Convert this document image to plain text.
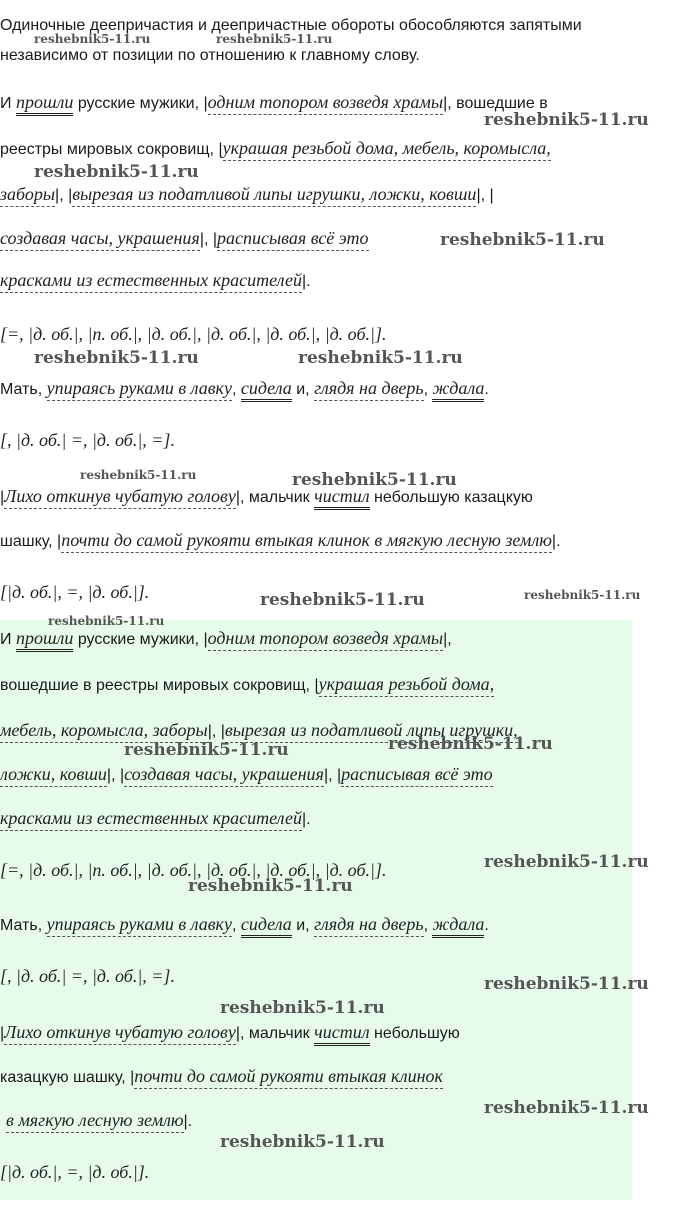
Одиночные деепричастия и деепричастные обороты обособляются запятыми
независимо от позиции по отношению к главному слову.
И прошли русские мужики, |одним топором возведя храмы|, вошедшие в
реестры мировых сокровищ, |украшая резьбой дома, мебель, коромысла,
заборы|, |вырезая из податливой липы игрушки, ложки, ковши|, |
создавая часы, украшения|, |расписывая всё это
красками из естественных красителей|.
[=, |д. об.|, |п. об.|, |д. об.|, |д. об.|, |д. об.|, |д. об.|].
Мать, упираясь руками в лавку, сидела и, глядя на дверь, ждала.
[, |д. об.| =, |д. об.|, =].
|Лихо откинув чубатую голову|, мальчик чистил небольшую казацкую
шашку, |почти до самой рукояти втыкая клинок в мягкую лесную землю|.
[|д. об.|, =, |д. об.|].
И прошли русские мужики, |одним топором возведя храмы|,
вошедшие в реестры мировых сокровищ, |украшая резьбой дома,
мебель, коромысла, заборы|, |вырезая из податливой липы игрушки,
ложки, ковши|, |создавая часы, украшения|, |расписывая всё это
красками из естественных красителей|.
[=, |д. об.|, |п. об.|, |д. об.|, |д. об.|, |д. об.|, |д. об.|].
Мать, упираясь руками в лавку, сидела и, глядя на дверь, ждала.
[, |д. об.| =, |д. об.|, =].
|Лихо откинув чубатую голову|, мальчик чистил небольшую
казацкую шашку, |почти до самой рукояти втыкая клинок
в мягкую лесную землю|.
[|д. об.|, =, |д. об.|].
reshebnik5-11.ru	reshebnik5-11.ru
reshebnik5-11.ru
reshebnik5-11.ru
reshebnik5-11.ru
reshebnik5-11.ru	reshebnik5-11.ru
reshebnik5-11.ru	reshebnik5-11.ru
reshebnik5-11.ru	reshebnik5-11.ru
reshebnik5-11.ru
reshebnik5-11.ru
reshebnik5-11.ru
reshebnik5-11.ru
reshebnik5-11.ru
reshebnik5-11.ru
reshebnik5-11.ru
reshebnik5-11.ru
reshebnik5-11.ru
